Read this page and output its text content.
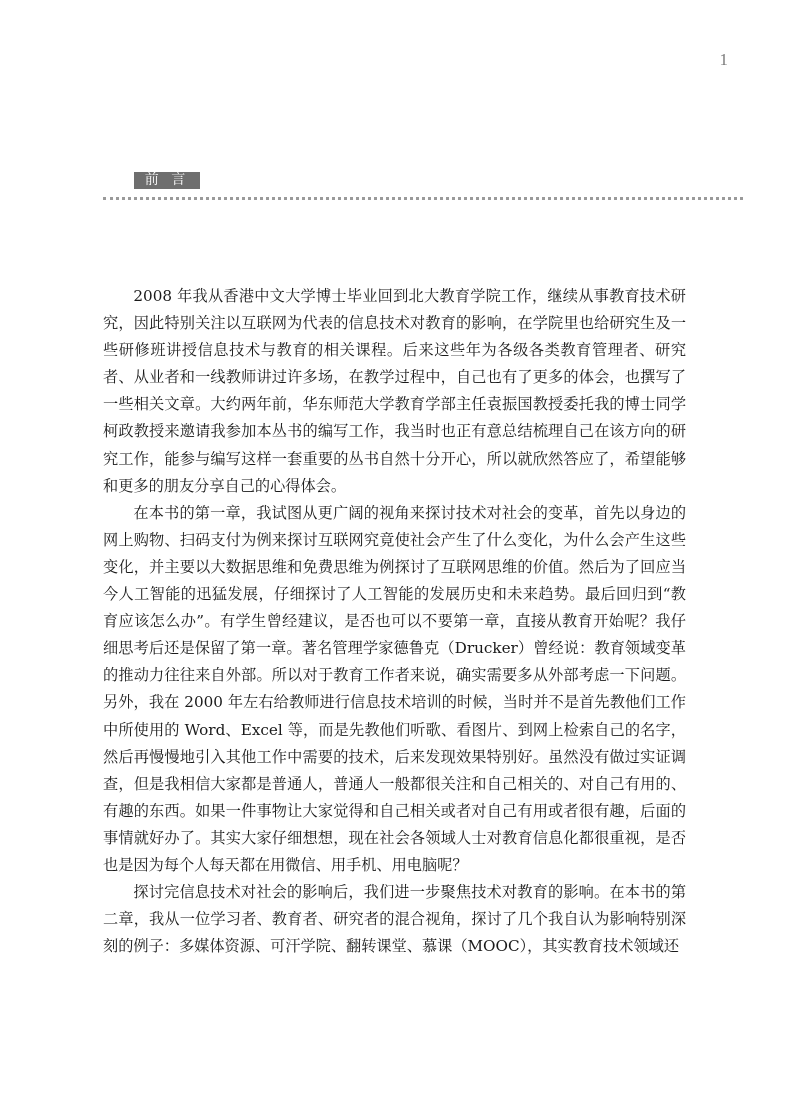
1
前 言

2008 年我从香港中文大学博士毕业回到北大教育学院工作，继续从事教育技术研究，因此特别关注以互联网为代表的信息技术对教育的影响，在学院里也给研究生及一些研修班讲授信息技术与教育的相关课程。后来这些年为各级各类教育管理者、研究者、从业者和一线教师讲过许多场，在教学过程中，自己也有了更多的体会，也撰写了一些相关文章。大约两年前，华东师范大学教育学部主任袁振国教授委托我的博士同学柯政教授来邀请我参加本丛书的编写工作，我当时也正有意总结梳理自己在该方向的研究工作，能参与编写这样一套重要的丛书自然十分开心，所以就欣然答应了，希望能够和更多的朋友分享自己的心得体会。

在本书的第一章，我试图从更广阔的视角来探讨技术对社会的变革，首先以身边的网上购物、扫码支付为例来探讨互联网究竟使社会产生了什么变化，为什么会产生这些变化，并主要以大数据思维和免费思维为例探讨了互联网思维的价值。然后为了回应当今人工智能的迅猛发展，仔细探讨了人工智能的发展历史和未来趋势。最后回归到“教育应该怎么办”。有学生曾经建议，是否也可以不要第一章，直接从教育开始呢？我仔细思考后还是保留了第一章。著名管理学家德鲁克（Drucker）曾经说：教育领域变革的推动力往往来自外部。所以对于教育工作者来说，确实需要多从外部考虑一下问题。另外，我在 2000 年左右给教师进行信息技术培训的时候，当时并不是首先教他们工作中所使用的 Word、Excel 等，而是先教他们听歌、看图片、到网上检索自己的名字，然后再慢慢地引入其他工作中需要的技术，后来发现效果特别好。虽然没有做过实证调查，但是我相信大家都是普通人，普通人一般都很关注和自己相关的、对自己有用的、有趣的东西。如果一件事物让大家觉得和自己相关或者对自己有用或者很有趣，后面的事情就好办了。其实大家仔细想想，现在社会各领域人士对教育信息化都很重视，是否也是因为每个人每天都在用微信、用手机、用电脑呢？

探讨完信息技术对社会的影响后，我们进一步聚焦技术对教育的影响。在本书的第二章，我从一位学习者、教育者、研究者的混合视角，探讨了几个我自认为影响特别深刻的例子：多媒体资源、可汗学院、翻转课堂、慕课（MOOC），其实教育技术领域还
